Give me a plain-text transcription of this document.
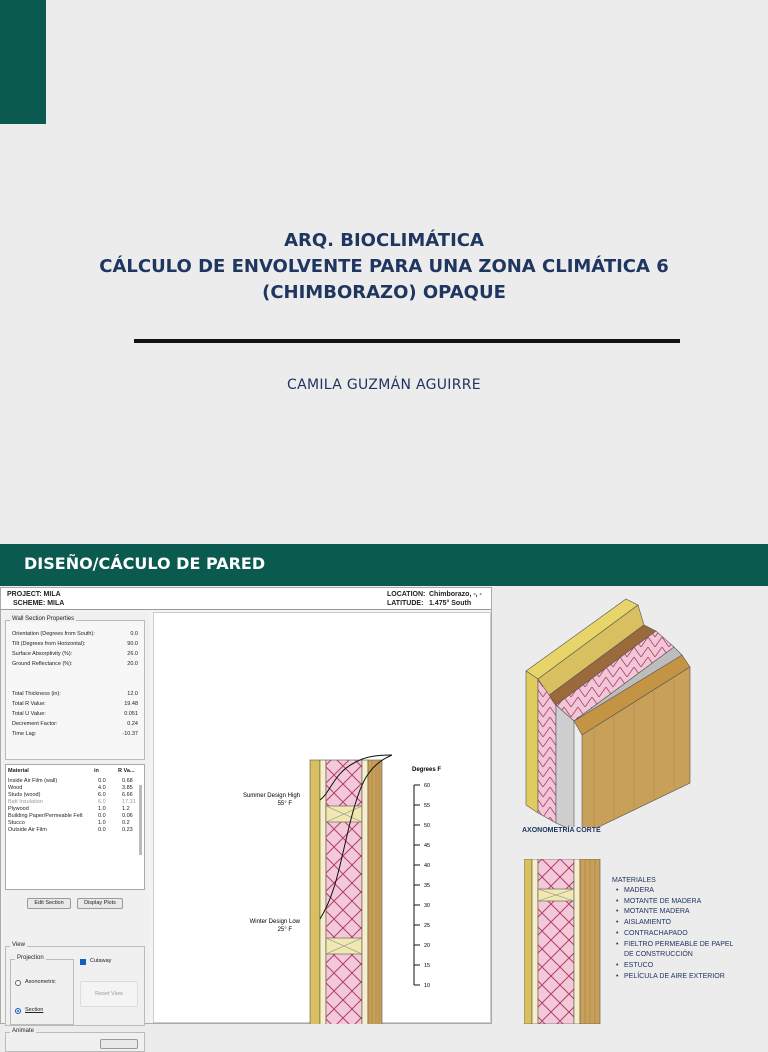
ARQ. BIOCLIMÁTICA
CÁLCULO DE ENVOLVENTE PARA UNA ZONA CLIMÁTICA 6
(CHIMBORAZO) OPAQUE
CAMILA GUZMÁN AGUIRRE
DISEÑO/CÁCULO DE PARED
PROJECT: MILA
SCHEME: MILA
LOCATION: Chimborazo, -, -
LATITUDE: 1.475° South
Wall Section Properties
Orientation (Degrees from South):	0.0
Tilt (Degrees from Horizontal):	90.0
Surface Absorptivity (%):	26.0
Ground Reflectance (%):	20.0
Total Thickness (in):	12.0
Total R Value:	19.48
Total U Value:	0.051
Decrement Factor:	0.24
Time Lag:	-10.37
Material	in	R Va...
Inside Air Film (wall)	0.0	0.68
Wood	4.0	3.85
Studs (wood)	6.0	6.66
Batt Insulation	6.0	17.31
Plywood	1.0	1.2
Building Paper/Permeable Felt	0.0	0.06
Stucco	1.0	0.2
Outside Air Film	0.0	0.23
Edit Section	Display Plots
View
Projection
Axonometric
Section
Cutaway
Reset View
Animate
60
55
50
45
40
35
30
25
20
15
10
Degrees F
Summer Design High
55° F
Winter Design Low
25° F
AXONOMETRÍA CORTE
MATERIALES
• MADERA
• MOTANTE DE MADERA
• MOTANTE MADERA
• AISLAMIENTO
• CONTRACHAPADO
• FIELTRO PERMEABLE DE PAPEL
DE CONSTRUCCIÓN
• ESTUCO
• PELÍCULA DE AIRE EXTERIOR
